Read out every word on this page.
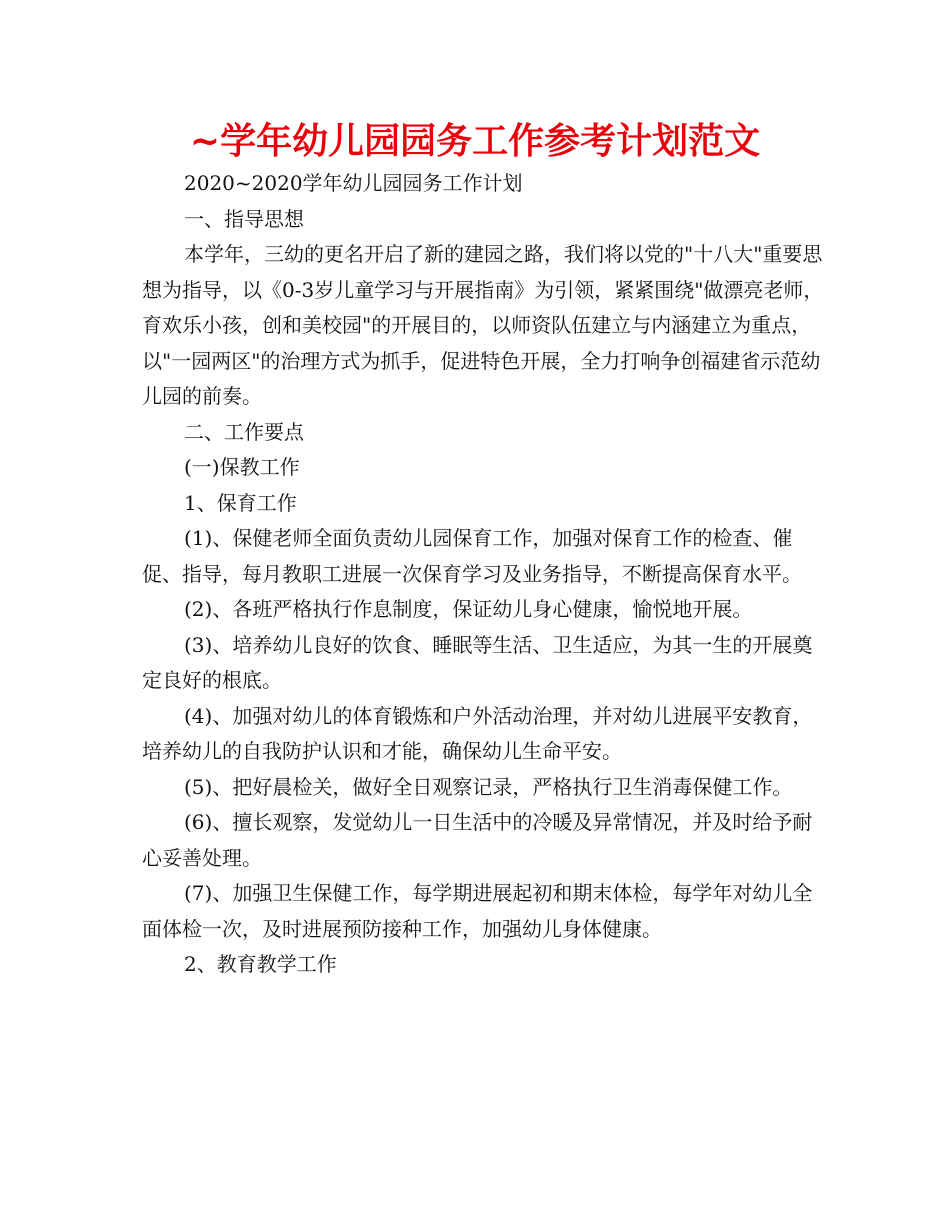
~学年幼儿园园务工作参考计划范文

2020~2020学年幼儿园园务工作计划

一、指导思想

本学年，三幼的更名开启了新的建园之路，我们将以党的"十八大"重要思想为指导，以《0-3岁儿童学习与开展指南》为引领，紧紧围绕"做漂亮老师，育欢乐小孩，创和美校园"的开展目的，以师资队伍建立与内涵建立为重点，以"一园两区"的治理方式为抓手，促进特色开展，全力打响争创福建省示范幼儿园的前奏。

二、工作要点

(一)保教工作

1、保育工作

(1)、保健老师全面负责幼儿园保育工作，加强对保育工作的检查、催促、指导，每月教职工进展一次保育学习及业务指导，不断提高保育水平。

(2)、各班严格执行作息制度，保证幼儿身心健康，愉悦地开展。

(3)、培养幼儿良好的饮食、睡眠等生活、卫生适应，为其一生的开展奠定良好的根底。

(4)、加强对幼儿的体育锻炼和户外活动治理，并对幼儿进展平安教育，培养幼儿的自我防护认识和才能，确保幼儿生命平安。

(5)、把好晨检关，做好全日观察记录，严格执行卫生消毒保健工作。

(6)、擅长观察，发觉幼儿一日生活中的冷暖及异常情况，并及时给予耐心妥善处理。

(7)、加强卫生保健工作，每学期进展起初和期末体检，每学年对幼儿全面体检一次，及时进展预防接种工作，加强幼儿身体健康。

2、教育教学工作
